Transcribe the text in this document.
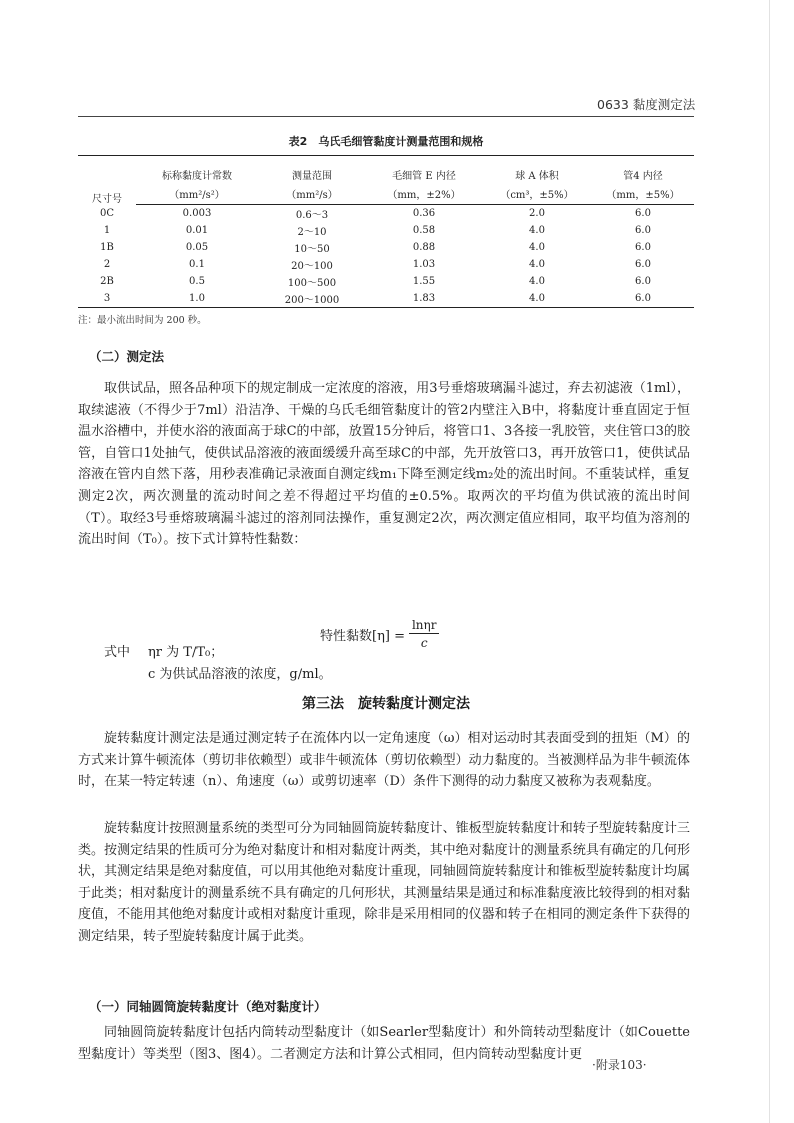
0633 黏度测定法
表2　乌氏毛细管黏度计测量范围和规格
尺寸号	标称黏度计常数	测量范围	毛细管 E 内径	球 A 体积	管4 内径
	（mm²/s²）	（mm²/s）	（mm，±2%）	（cm³，±5%）	（mm，±5%）
0C	0.003	0.6～3	0.36	2.0	6.0
1	0.01	2～10	0.58	4.0	6.0
1B	0.05	10～50	0.88	4.0	6.0
2	0.1	20～100	1.03	4.0	6.0
2B	0.5	100～500	1.55	4.0	6.0
3	1.0	200～1000	1.83	4.0	6.0
注：最小流出时间为 200 秒。
（二）测定法

取供试品，照各品种项下的规定制成一定浓度的溶液，用3号垂熔玻璃漏斗滤过，弃去初滤液（1ml），取续滤液（不得少于7ml）沿洁净、干燥的乌氏毛细管黏度计的管2内壁注入B中，将黏度计垂直固定于恒温水浴槽中，并使水浴的液面高于球C的中部，放置15分钟后，将管口1、3各接一乳胶管，夹住管口3的胶管，自管口1处抽气，使供试品溶液的液面缓缓升高至球C的中部，先开放管口3，再开放管口1，使供试品溶液在管内自然下落，用秒表准确记录液面自测定线m₁下降至测定线m₂处的流出时间。不重装试样，重复测定2次，两次测量的流动时间之差不得超过平均值的±0.5%。取两次的平均值为供试液的流出时间（T）。取经3号垂熔玻璃漏斗滤过的溶剂同法操作，重复测定2次，两次测定值应相同，取平均值为溶剂的流出时间（T₀）。按下式计算特性黏数：

特性黏数$[\eta] = \frac{\ln\eta r}{c}$
式中 ηr 为 T/T₀；
c 为供试品溶液的浓度，g/ml。
第三法　旋转黏度计测定法

旋转黏度计测定法是通过测定转子在流体内以一定角速度（ω）相对运动时其表面受到的扭矩（M）的方式来计算牛顿流体（剪切非依赖型）或非牛顿流体（剪切依赖型）动力黏度的。当被测样品为非牛顿流体时，在某一特定转速（n）、角速度（ω）或剪切速率（D）条件下测得的动力黏度又被称为表观黏度。

旋转黏度计按照测量系统的类型可分为同轴圆筒旋转黏度计、锥板型旋转黏度计和转子型旋转黏度计三类。按测定结果的性质可分为绝对黏度计和相对黏度计两类，其中绝对黏度计的测量系统具有确定的几何形状，其测定结果是绝对黏度值，可以用其他绝对黏度计重现，同轴圆筒旋转黏度计和锥板型旋转黏度计均属于此类；相对黏度计的测量系统不具有确定的几何形状，其测量结果是通过和标准黏度液比较得到的相对黏度值，不能用其他绝对黏度计或相对黏度计重现，除非是采用相同的仪器和转子在相同的测定条件下获得的测定结果，转子型旋转黏度计属于此类。

（一）同轴圆筒旋转黏度计（绝对黏度计）

同轴圆筒旋转黏度计包括内筒转动型黏度计（如Searler型黏度计）和外筒转动型黏度计（如Couette型黏度计）等类型（图3、图4）。二者测定方法和计算公式相同，但内筒转动型黏度计更

·附录103·
